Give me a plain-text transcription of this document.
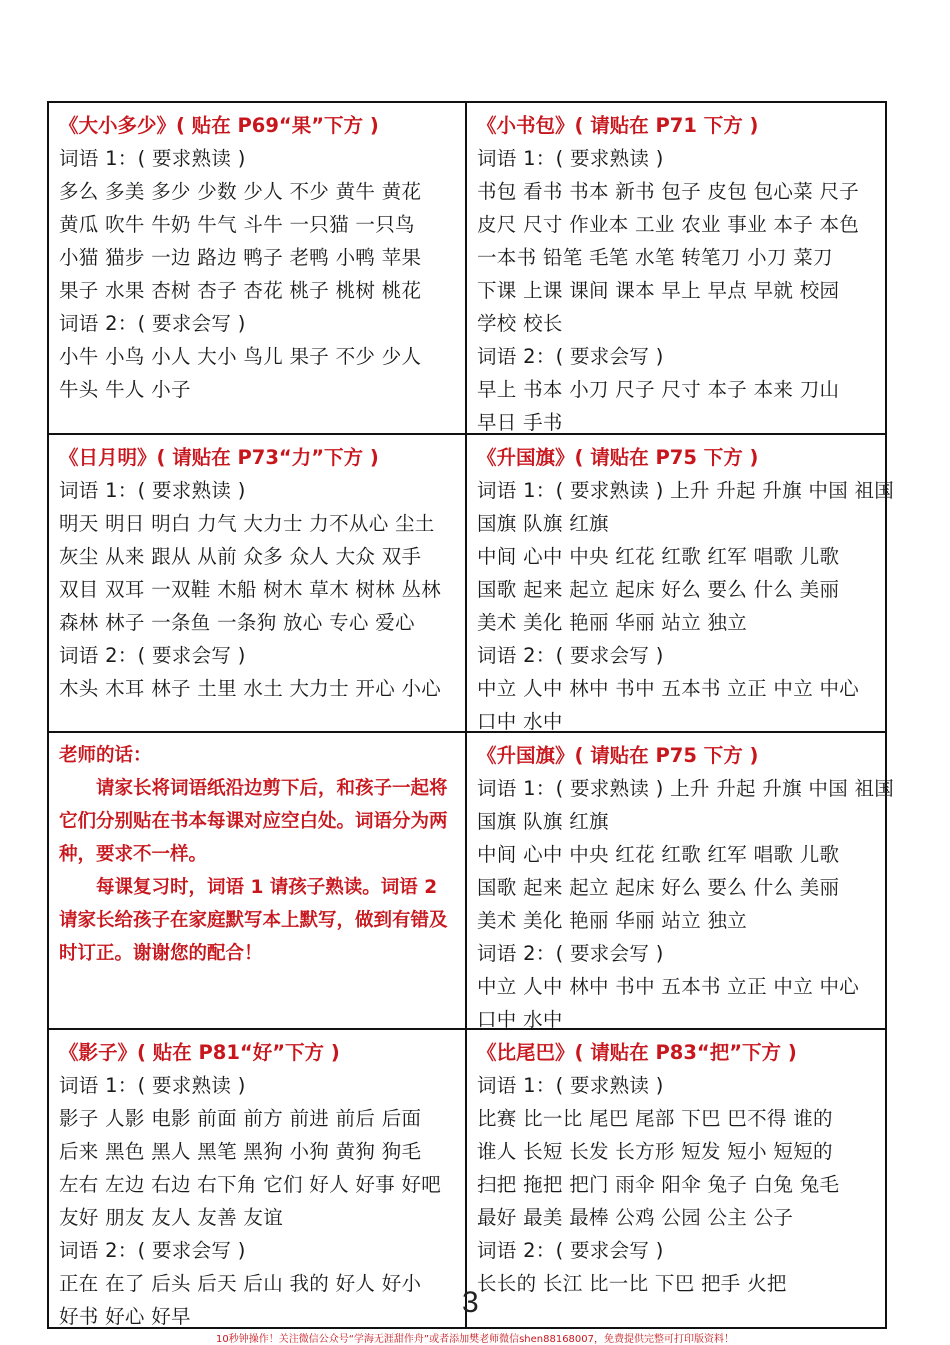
《大小多少》( 贴在 P69“果”下方 )
词语 1：( 要求熟读 )
多么 多美 多少 少数 少人 不少 黄牛 黄花
黄瓜 吹牛 牛奶 牛气 斗牛 一只猫 一只鸟
小猫 猫步 一边 路边 鸭子 老鸭 小鸭 苹果
果子 水果 杏树 杏子 杏花 桃子 桃树 桃花
词语 2：( 要求会写 )
小牛 小鸟 小人 大小 鸟儿 果子 不少 少人
牛头 牛人 小子
《小书包》( 请贴在 P71 下方 )
词语 1：( 要求熟读 )
书包 看书 书本 新书 包子 皮包 包心菜 尺子
皮尺 尺寸 作业本 工业 农业 事业 本子 本色
一本书 铅笔 毛笔 水笔 转笔刀 小刀 菜刀
下课 上课 课间 课本 早上 早点 早就 校园
学校 校长
词语 2：( 要求会写 )
早上 书本 小刀 尺子 尺寸 本子 本来 刀山
早日 手书
《日月明》( 请贴在 P73“力”下方 )
词语 1：( 要求熟读 )
明天 明日 明白 力气 大力士 力不从心 尘土
灰尘 从来 跟从 从前 众多 众人 大众 双手
双目 双耳 一双鞋 木船 树木 草木 树林 丛林
森林 林子 一条鱼 一条狗 放心 专心 爱心
词语 2：( 要求会写 )
木头 木耳 林子 土里 水土 大力士 开心 小心
《升国旗》( 请贴在 P75 下方 )
词语 1：( 要求熟读 ) 上升 升起 升旗 中国 祖国
国旗 队旗 红旗
中间 心中 中央 红花 红歌 红军 唱歌 儿歌
国歌 起来 起立 起床 好么 要么 什么 美丽
美术 美化 艳丽 华丽 站立 独立
词语 2：( 要求会写 )
中立 人中 林中 书中 五本书 立正 中立 中心
口中 水中
老师的话：

请家长将词语纸沿边剪下后，和孩子一起将它们分别贴在书本每课对应空白处。词语分为两种，要求不一样。

每课复习时，词语 1 请孩子熟读。词语 2 请家长给孩子在家庭默写本上默写，做到有错及时订正。谢谢您的配合！

《升国旗》( 请贴在 P75 下方 )
词语 1：( 要求熟读 ) 上升 升起 升旗 中国 祖国
国旗 队旗 红旗
中间 心中 中央 红花 红歌 红军 唱歌 儿歌
国歌 起来 起立 起床 好么 要么 什么 美丽
美术 美化 艳丽 华丽 站立 独立
词语 2：( 要求会写 )
中立 人中 林中 书中 五本书 立正 中立 中心
口中 水中
《影子》( 贴在 P81“好”下方 )
词语 1：( 要求熟读 )
影子 人影 电影 前面 前方 前进 前后 后面
后来 黑色 黑人 黑笔 黑狗 小狗 黄狗 狗毛
左右 左边 右边 右下角 它们 好人 好事 好吧
友好 朋友 友人 友善 友谊
词语 2：( 要求会写 )
正在 在了 后头 后天 后山 我的 好人 好小
好书 好心 好早
《比尾巴》( 请贴在 P83“把”下方 )
词语 1：( 要求熟读 )
比赛 比一比 尾巴 尾部 下巴 巴不得 谁的
谁人 长短 长发 长方形 短发 短小 短短的
扫把 拖把 把门 雨伞 阳伞 兔子 白兔 兔毛
最好 最美 最棒 公鸡 公园 公主 公子
词语 2：( 要求会写 )
长长的 长江 比一比 下巴 把手 火把
3
10秒钟操作！关注微信公众号“学海无涯甜作舟”或者添加樊老师微信shen88168007，免费提供完整可打印版资料！
